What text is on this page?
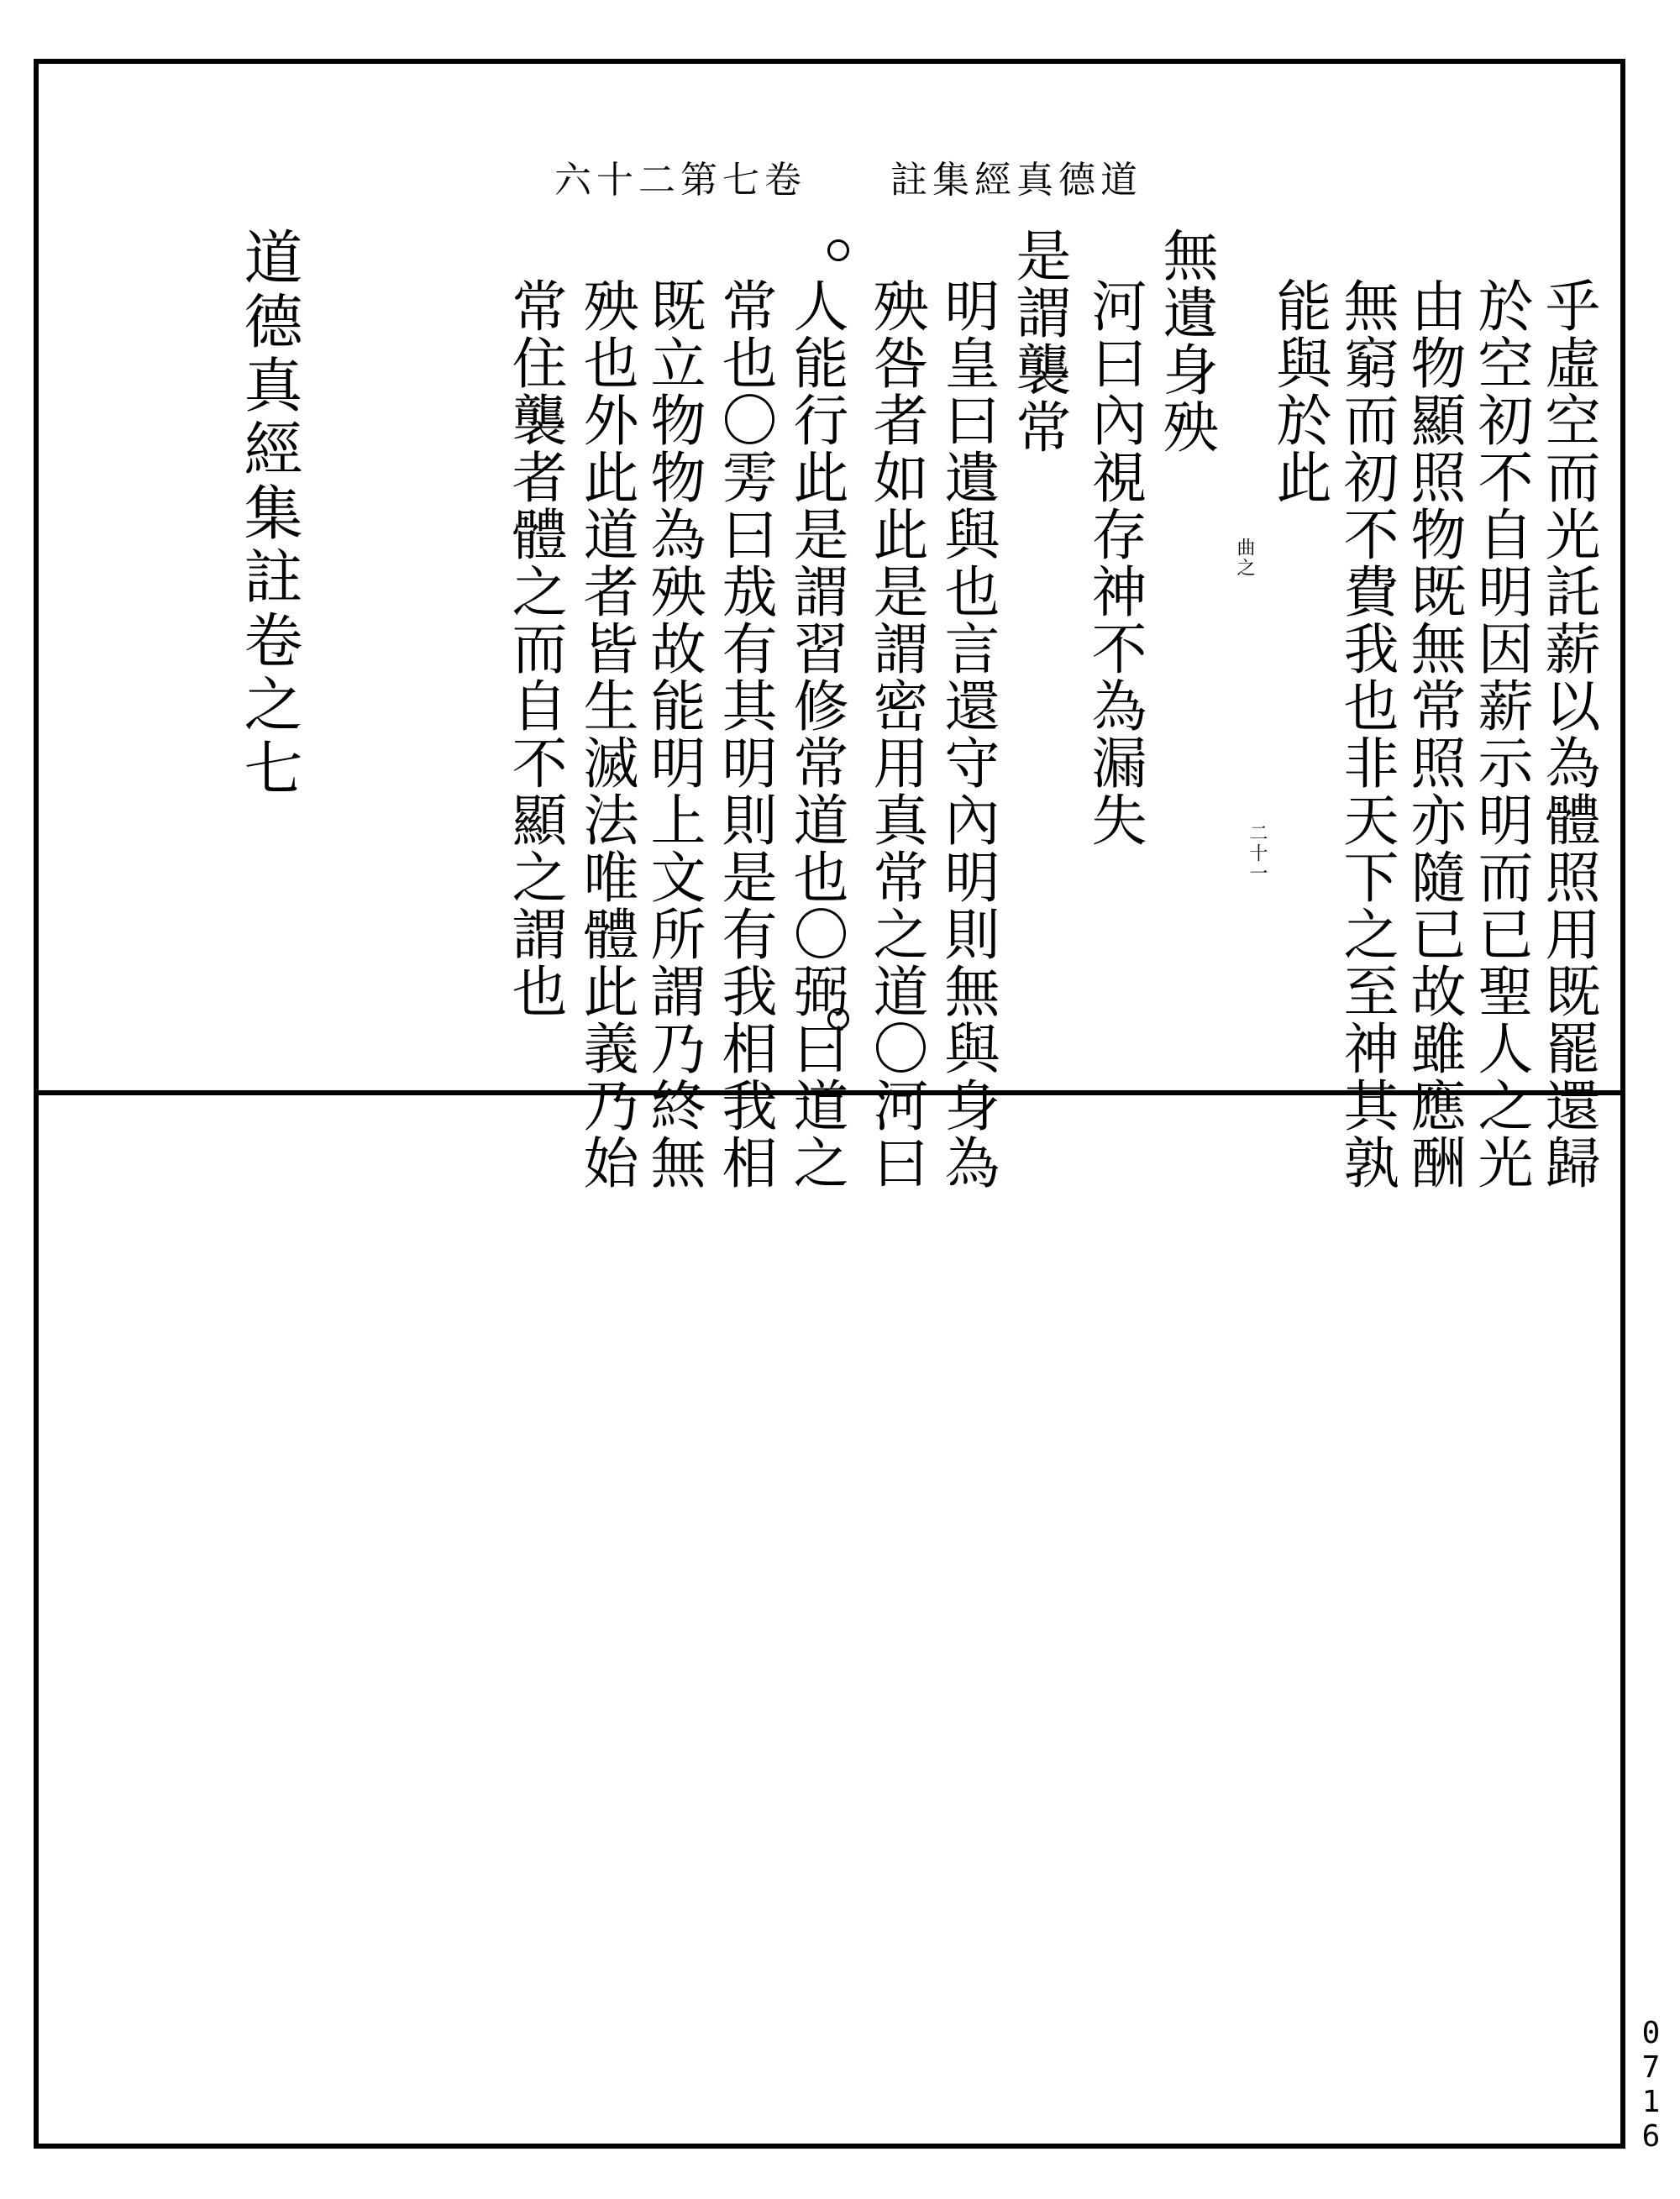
六十二第七卷 註集經真德道
乎虛空而光託薪以為體照用既罷還歸
於空初不自明因薪示明而已聖人之光
由物顯照物既無常照亦隨已故雖應酬
無窮而初不費我也非天下之至神其孰
能與於此
無遺身殃
河曰內視存神不為漏失
是謂襲常
明皇曰遺與也言還守內明則無與身為
殃咎者如此是謂密用真常之道〇河曰
人能行此是謂習修常道也〇弼曰道之
常也〇雱曰㦲有其明則是有我相我相
既立物物為殃故能明上文所謂乃終無
殃也外此道者皆生滅法唯體此義乃始
常住襲者體之而自不顯之謂也	曲之
二十一
道德真經集註卷之七
0716
